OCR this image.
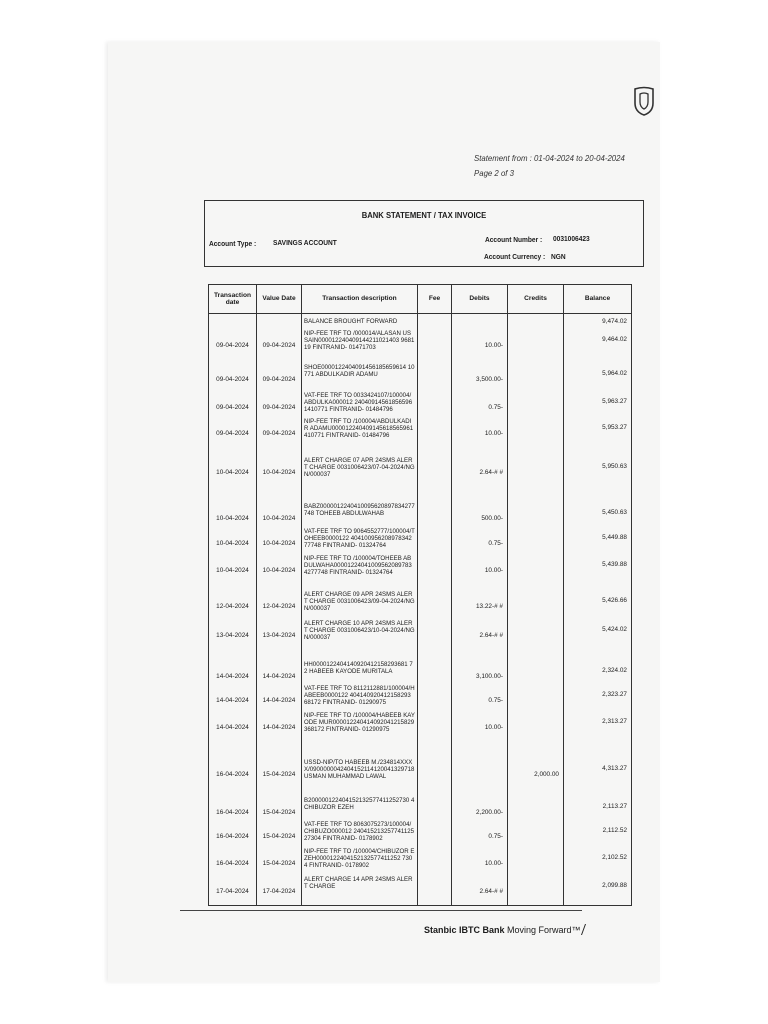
Statement from : 01-04-2024 to 20-04-2024
Page 2 of 3
BANK STATEMENT / TAX INVOICE
Account Type : SAVINGS ACCOUNT	Account Number : 0031006423
Account Currency : NGN
Transaction date	Value Date	Transaction description	Fee	Debits	Credits	Balance
		BALANCE BROUGHT FORWARD				9,474.02
09-04-2024	09-04-2024	NIP-FEE TRF TO /000014/ALASAN USSAIN000012240409144211021403 968119 FINTRANID- 01471703		10.00-		9,464.02
09-04-2024	09-04-2024	SHOE0000122404091456185659614 10771 ABDULKADIR ADAMU		3,500.00-		5,964.02
09-04-2024	09-04-2024	VAT-FEE TRF TO 0033424107/100004/ABDULKA000012 240409145618565961410771 FINTRANID- 01484796		0.75-		5,963.27
09-04-2024	09-04-2024	NIP-FEE TRF TO /100004/ABDULKADIR ADAMU000012240409145618565961 410771 FINTRANID- 01484796		10.00-		5,953.27
10-04-2024	10-04-2024	ALERT CHARGE 07 APR 24SMS ALERT CHARGE 0031006423/07-04-2024/NGN/000037		2.64-# #		5,950.63
10-04-2024	10-04-2024	BABZ0000012240410095620897834277748 TOHEEB ABDULWAHAB		500.00-		5,450.63
10-04-2024	10-04-2024	VAT-FEE TRF TO 9064552777/100004/TOHEEB0000122 404100956208978342 77748 FINTRANID- 01324764		0.75-		5,449.88
10-04-2024	10-04-2024	NIP-FEE TRF TO /100004/TOHEEB ABDULWAHA000012240410095620897834277748 FINTRANID- 01324764		10.00-		5,439.88
12-04-2024	12-04-2024	ALERT CHARGE 09 APR 24SMS ALERT CHARGE 0031006423/09-04-2024/NGN/000037		13.22-# #		5,426.66
13-04-2024	13-04-2024	ALERT CHARGE 10 APR 24SMS ALERT CHARGE 0031006423/10-04-2024/NGN/000037		2.64-# #		5,424.02
14-04-2024	14-04-2024	HH0000122404140920412158293681 72 HABEEB KAYODE MURITALA		3,100.00-		2,324.02
14-04-2024	14-04-2024	VAT-FEE TRF TO 8112112881/100004/HABEEB0000122 404140920412158293 68172 FINTRANID- 01290975		0.75-		2,323.27
14-04-2024	14-04-2024	NIP-FEE TRF TO /100004/HABEEB KAYODE MUR000012240414092041215829368172 FINTRANID- 01290975		10.00-		2,313.27
16-04-2024	15-04-2024	USSD-NIP/TO HABEEB M./234814XXXX/0900000042404152114120041329718 USMAN MUHAMMAD LAWAL			2,000.00	4,313.27
16-04-2024	15-04-2024	B200000122404152132577411252730 4 CHIBUZOR EZEH		2,200.00-		2,113.27
16-04-2024	15-04-2024	VAT-FEE TRF TO 8063075273/100004/CHIBUZO000012 240415213257741125 27304 FINTRANID- 0178902		0.75-		2,112.52
16-04-2024	15-04-2024	NIP-FEE TRF TO /100004/CHIBUZOR EZEH0000122404152132577411252 7304 FINTRANID- 0178902		10.00-		2,102.52
17-04-2024	17-04-2024	ALERT CHARGE 14 APR 24SMS ALERT CHARGE		2.64-# #		2,099.88
Stanbic IBTC Bank Moving Forward™
